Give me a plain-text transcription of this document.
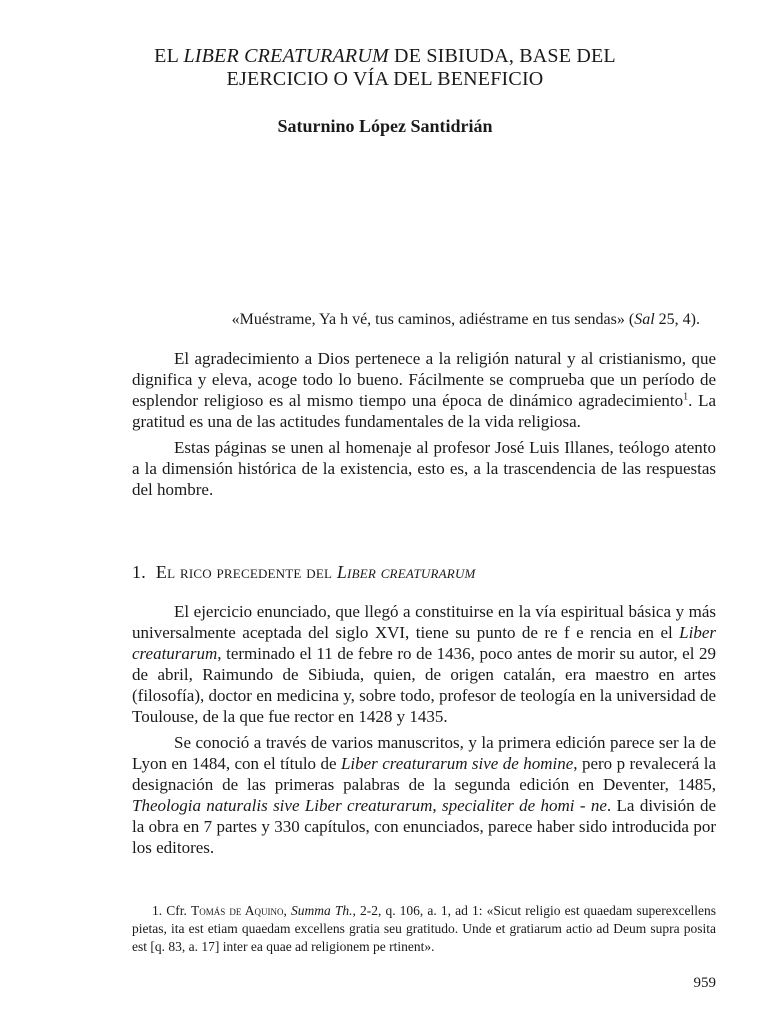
EL LIBER CREATURARUM DE SIBIUDA, BASE DEL
EJERCICIO O VÍA DEL BENEFICIO
Saturnino López Santidrián
«Muéstrame, Ya h vé, tus caminos, adiéstrame en tus sendas» (Sal 25, 4).

El agradecimiento a Dios pertenece a la religión natural y al cristianismo, que dignifica y eleva, acoge todo lo bueno. Fácilmente se comprueba que un período de esplendor religioso es al mismo tiempo una época de dinámico agradecimiento$^1$. La gratitud es una de las actitudes fundamentales de la vida religiosa.

Estas páginas se unen al homenaje al profesor José Luis Illanes, teólogo atento a la dimensión histórica de la existencia, esto es, a la trascendencia de las respuestas del hombre.

1. El rico precedente del Liber creaturarum

El ejercicio enunciado, que llegó a constituirse en la vía espiritual básica y más universalmente aceptada del siglo XVI, tiene su punto de re f e rencia en el Liber creaturarum, terminado el 11 de febre ro de 1436, poco antes de morir su autor, el 29 de abril, Raimundo de Sibiuda, quien, de origen catalán, era maestro en artes (filosofía), doctor en medicina y, sobre todo, profesor de teología en la universidad de Toulouse, de la que fue rector en 1428 y 1435.

Se conoció a través de varios manuscritos, y la primera edición parece ser la de Lyon en 1484, con el título de Liber creaturarum sive de homine, pero p revalecerá la designación de las primeras palabras de la segunda edición en Deventer, 1485, Theologia naturalis sive Liber creaturarum, specialiter de homi - ne. La división de la obra en 7 partes y 330 capítulos, con enunciados, parece haber sido introducida por los editores.

1. Cfr. Tomás de Aquino, Summa Th., 2-2, q. 106, a. 1, ad 1: «Sicut religio est quaedam superexcellens pietas, ita est etiam quaedam excellens gratia seu gratitudo. Unde et gratiarum actio ad Deum supra posita est [q. 83, a. 17] inter ea quae ad religionem pe rtinent».

959
